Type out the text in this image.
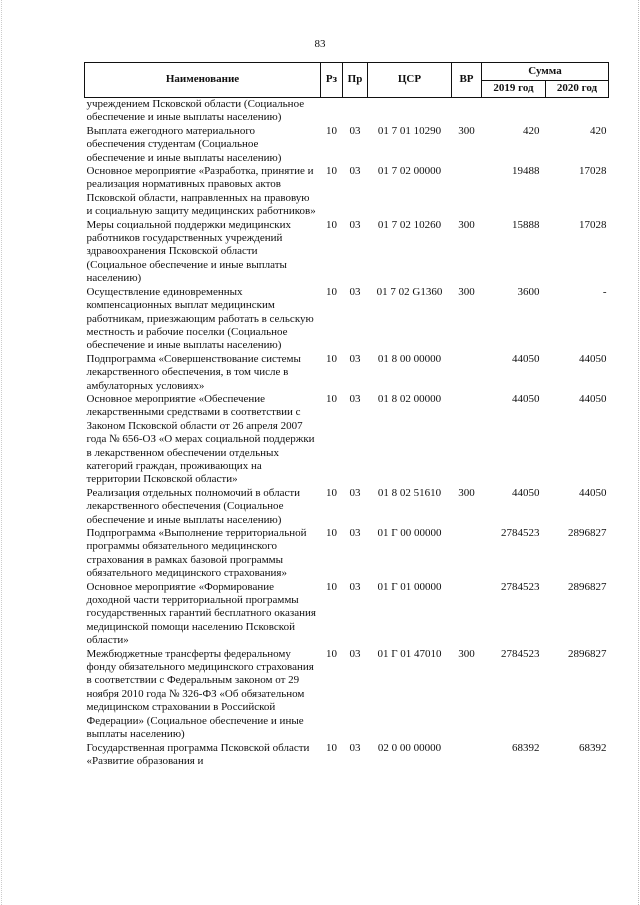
83
Наименование	Рз	Пр	ЦСР	ВР	Сумма	
					2019 год	2020 год
учреждением Псковской области (Социальное обеспечение и иные выплаты населению)						
Выплата ежегодного материального обеспечения студентам (Социальное обеспечение и иные выплаты населению)	10	03	01 7 01 10290	300	420	420
Основное мероприятие «Разработка, принятие и реализация нормативных правовых актов Псковской области, направленных на правовую и социальную защиту медицинских работников»	10	03	01 7 02 00000		19488	17028
Меры социальной поддержки медицинских работников государственных учреждений здравоохранения Псковской области (Социальное обеспечение и иные выплаты населению)	10	03	01 7 02 10260	300	15888	17028
Осуществление единовременных компенсационных выплат медицинским работникам, приезжающим работать в сельскую местность и рабочие поселки (Социальное обеспечение и иные выплаты населению)	10	03	01 7 02 G1360	300	3600	-
Подпрограмма «Совершенствование системы лекарственного обеспечения, в том числе в амбулаторных условиях»	10	03	01 8 00 00000		44050	44050
Основное мероприятие «Обеспечение лекарственными средствами в соответствии с Законом Псковской области от 26 апреля 2007 года № 656-ОЗ «О мерах социальной поддержки в лекарственном обеспечении отдельных категорий граждан, проживающих на территории Псковской области»	10	03	01 8 02 00000		44050	44050
Реализация отдельных полномочий в области лекарственного обеспечения (Социальное обеспечение и иные выплаты населению)	10	03	01 8 02 51610	300	44050	44050
Подпрограмма «Выполнение территориальной программы обязательного медицинского страхования в рамках базовой программы обязательного медицинского страхования»	10	03	01 Г 00 00000		2784523	2896827
Основное мероприятие «Формирование доходной части территориальной программы государственных гарантий бесплатного оказания медицинской помощи населению Псковской области»	10	03	01 Г 01 00000		2784523	2896827
Межбюджетные трансферты федеральному фонду обязательного медицинского страхования в соответствии с Федеральным законом от 29 ноября 2010 года № 326-ФЗ «Об обязательном медицинском страховании в Российской Федерации» (Социальное обеспечение и иные выплаты населению)	10	03	01 Г 01 47010	300	2784523	2896827
Государственная программа Псковской области «Развитие образования и	10	03	02 0 00 00000		68392	68392
